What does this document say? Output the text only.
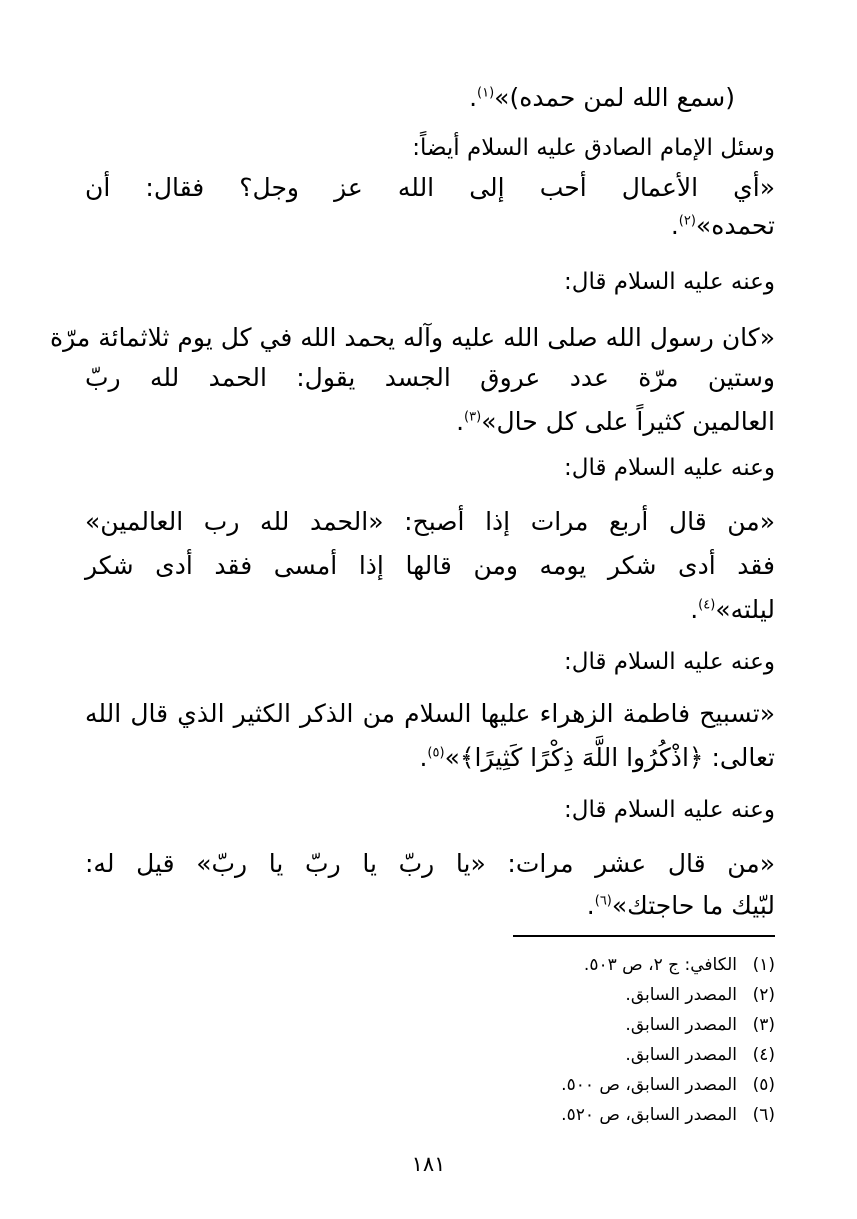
(سمع الله لمن حمده)»$^{(١)}$.
وسئل الإمام الصادق عليه السلام أيضاً:
«أي الأعمال أحب إلى الله عز وجل؟ فقال: أن
تحمده»$^{(٢)}$.
وعنه عليه السلام قال:
«كان رسول الله صلى الله عليه وآله يحمد الله في كل يوم ثلاثمائة مرّة
وستين مرّة عدد عروق الجسد يقول: الحمد لله ربّ
العالمين كثيراً على كل حال»$^{(٣)}$.
وعنه عليه السلام قال:
«من قال أربع مرات إذا أصبح: «الحمد لله رب العالمين»
فقد أدى شكر يومه ومن قالها إذا أمسى فقد أدى شكر
ليلته»$^{(٤)}$.
وعنه عليه السلام قال:
«تسبيح فاطمة الزهراء عليها السلام من الذكر الكثير الذي قال الله
تعالى: ﴿اذْكُرُوا اللَّهَ ذِكْرًا كَثِيرًا﴾»$^{(٥)}$.
وعنه عليه السلام قال:
«من قال عشر مرات: «يا ربّ يا ربّ يا ربّ» قيل له:
لبّيك ما حاجتك»$^{(٦)}$.
(١)الكافي: ج ٢، ص ٥٠٣.
(٢)المصدر السابق.
(٣)المصدر السابق.
(٤)المصدر السابق.
(٥)المصدر السابق، ص ٥٠٠.
(٦)المصدر السابق، ص ٥٢٠.
١٨١
